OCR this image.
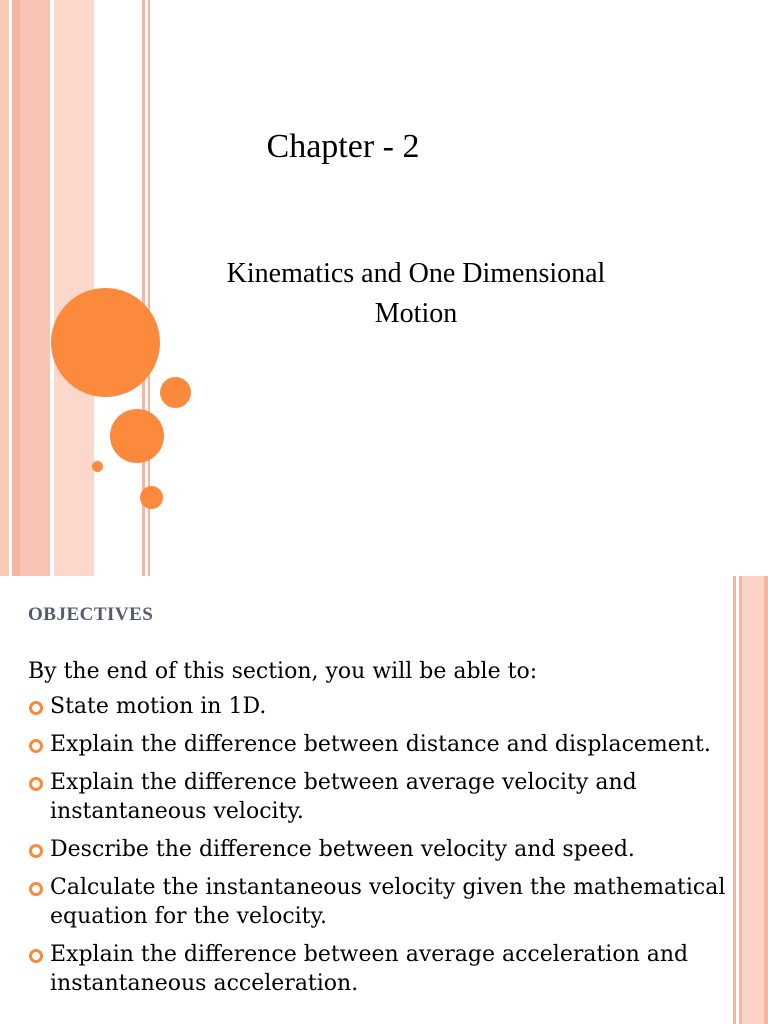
Chapter - 2
Kinematics and One Dimensional
Motion
OBJECTIVES
By the end of this section, you will be able to:
State motion in 1D.
Explain the difference between distance and displacement.
Explain the difference between average velocity and instantaneous velocity.
Describe the difference between velocity and speed.
Calculate the instantaneous velocity given the mathematical equation for the velocity.
Explain the difference between average acceleration and instantaneous acceleration.
